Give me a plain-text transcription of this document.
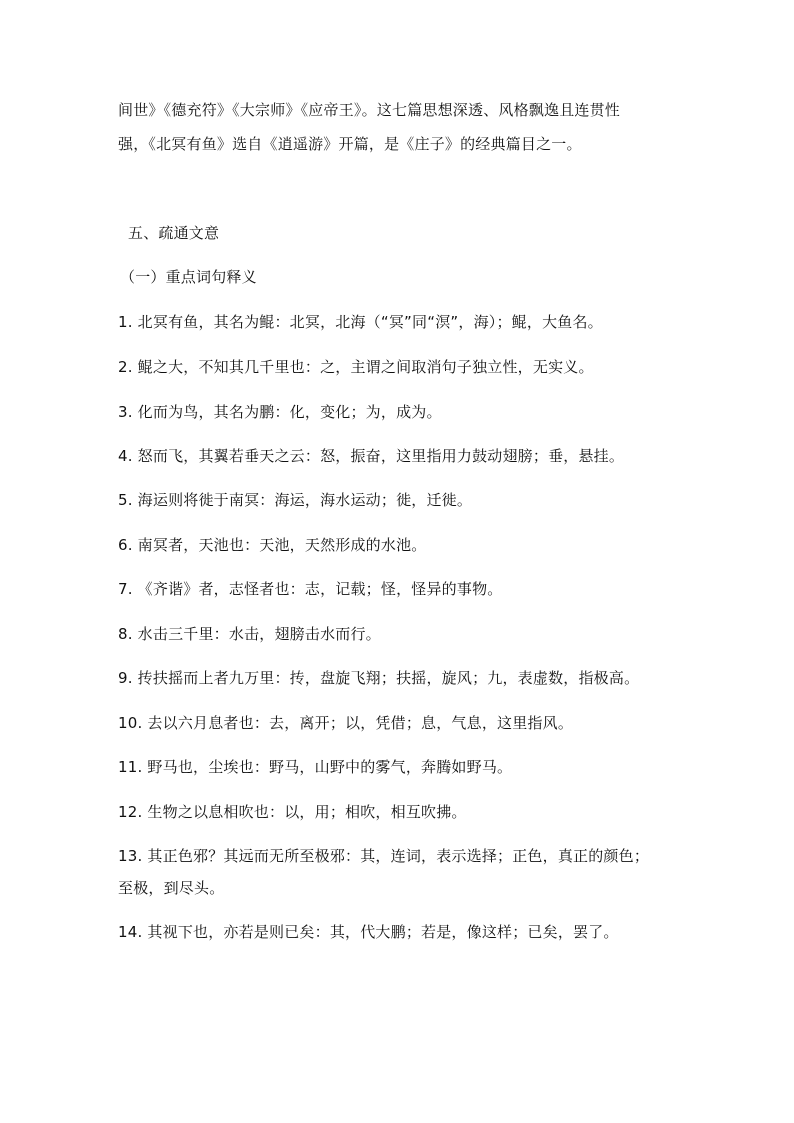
间世》《德充符》《大宗师》《应帝王》。这七篇思想深透、风格飘逸且连贯性
强，《北冥有鱼》选自《逍遥游》开篇，是《庄子》的经典篇目之一。
五、疏通文意
（一）重点词句释义
1. 北冥有鱼，其名为鲲：北冥，北海（“冥”同“溟”，海）；鲲，大鱼名。
2. 鲲之大，不知其几千里也：之，主谓之间取消句子独立性，无实义。
3. 化而为鸟，其名为鹏：化，变化；为，成为。
4. 怒而飞，其翼若垂天之云：怒，振奋，这里指用力鼓动翅膀；垂，悬挂。
5. 海运则将徙于南冥：海运，海水运动；徙，迁徙。
6. 南冥者，天池也：天池，天然形成的水池。
7. 《齐谐》者，志怪者也：志，记载；怪，怪异的事物。
8. 水击三千里：水击，翅膀击水而行。
9. 抟扶摇而上者九万里：抟，盘旋飞翔；扶摇，旋风；九，表虚数，指极高。
10. 去以六月息者也：去，离开；以，凭借；息，气息，这里指风。
11. 野马也，尘埃也：野马，山野中的雾气，奔腾如野马。
12. 生物之以息相吹也：以，用；相吹，相互吹拂。
13. 其正色邪？其远而无所至极邪：其，连词，表示选择；正色，真正的颜色；
至极，到尽头。
14. 其视下也，亦若是则已矣：其，代大鹏；若是，像这样；已矣，罢了。
